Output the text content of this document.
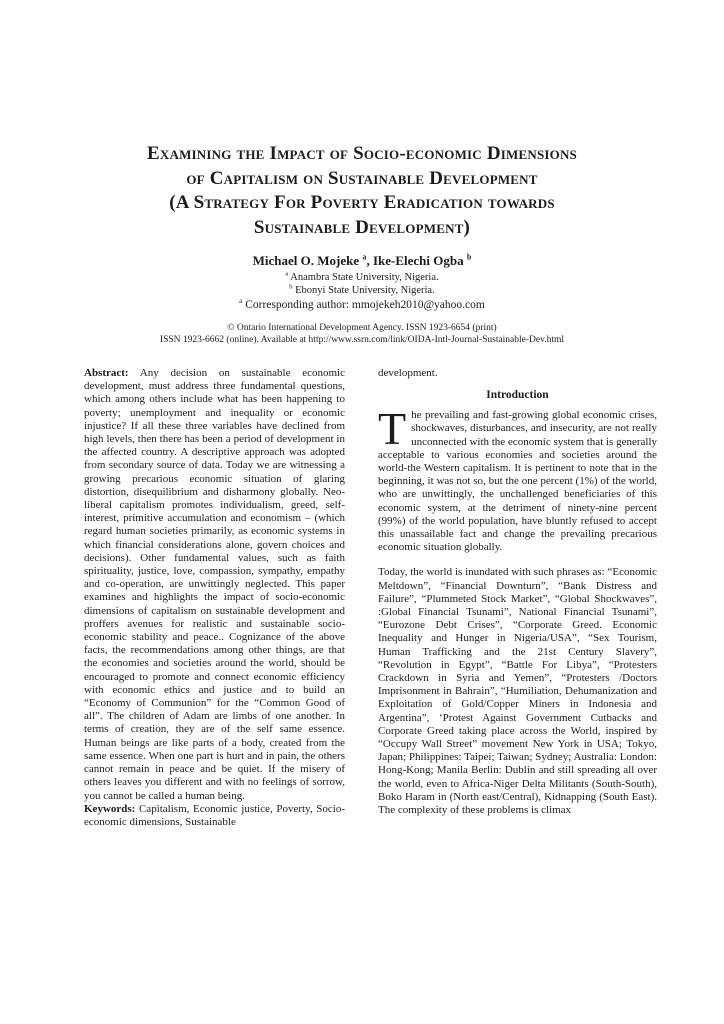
Examining the Impact of Socio-economic Dimensions
of Capitalism on Sustainable Development
(A Strategy For Poverty Eradication towards
Sustainable Development)
Michael O. Mojeke $^a$, Ike-Elechi Ogba $^b$
$^a$ Anambra State University, Nigeria.
$^b$ Ebonyi State University, Nigeria.
$^a$ Corresponding author: mmojekeh2010@yahoo.com
© Ontario International Development Agency. ISSN 1923-6654 (print)
ISSN 1923-6662 (online). Available at http://www.ssrn.com/link/OIDA-Intl-Journal-Sustainable-Dev.html

Abstract: Any decision on sustainable economic development, must address three fundamental questions, which among others include what has been happening to poverty; unemployment and inequality or economic injustice? If all these three variables have declined from high levels, then there has been a period of development in the affected country. A descriptive approach was adopted from secondary source of data. Today we are witnessing a growing precarious economic situation of glaring distortion, disequilibrium and disharmony globally. Neo-liberal capitalism promotes individualism, greed, self-interest, primitive accumulation and economism – (which regard human societies primarily, as economic systems in which financial considerations alone, govern choices and decisions). Other fundamental values, such as faith spirituality, justice, love, compassion, sympathy, empathy and co-operation, are unwittingly neglected. This paper examines and highlights the impact of socio-economic dimensions of capitalism on sustainable development and proffers avenues for realistic and sustainable socio-economic stability and peace.. Cognizance of the above facts, the recommendations among other things, are that the economies and societies around the world, should be encouraged to promote and connect economic efficiency with economic ethics and justice and to build an “Economy of Communion” for the “Common Good of all”. The children of Adam are limbs of one another. In terms of creation, they are of the self same essence. Human beings are like parts of a body, created from the same essence. When one part is hurt and in pain, the others cannot remain in peace and be quiet. If the misery of others leaves you different and with no feelings of sorrow, you cannot be called a human being.

Keywords: Capitalism, Economic justice, Poverty, Socio-economic dimensions, Sustainable

development.

Introduction

The prevailing and fast-growing global economic crises, shockwaves, disturbances, and insecurity, are not really unconnected with the economic system that is generally acceptable to various economies and societies around the world-the Western capitalism. It is pertinent to note that in the beginning, it was not so, but the one percent (1%) of the world, who are unwittingly, the unchallenged beneficiaries of this economic system, at the detriment of ninety-nine percent (99%) of the world population, have bluntly refused to accept this unassailable fact and change the prevailing precarious economic situation globally.

Today, the world is inundated with such phrases as: “Economic Meltdown”, “Financial Downturn”, “Bank Distress and Failure”, “Plummeted Stock Market”, “Global Shockwaves”, :Global Financial Tsunami”, National Financial Tsunami”, “Eurozone Debt Crises”, “Corporate Greed. Economic Inequality and Hunger in Nigeria/USA”, “Sex Tourism, Human Trafficking and the 21st Century Slavery”, “Revolution in Egypt”, “Battle For Libya”, “Protesters Crackdown in Syria and Yemen”, “Protesters /Doctors Imprisonment in Bahrain”, “Humiliation, Dehumanization and Exploitation of Gold/Copper Miners in Indonesia and Argentina”, ‘Protest Against Government Cutbacks and Corporate Greed taking place across the World, inspired by “Occupy Wall Street” movement New York in USA; Tokyo, Japan; Philippines: Taipei; Taiwan; Sydney; Australia: London: Hong-Kong; Manila Berlin: Dublin and still spreading all over the world, even to Africa-Niger Delta Militants (South-South), Boko Haram in (North east/Central), Kidnapping (South East). The complexity of these problems is climax
